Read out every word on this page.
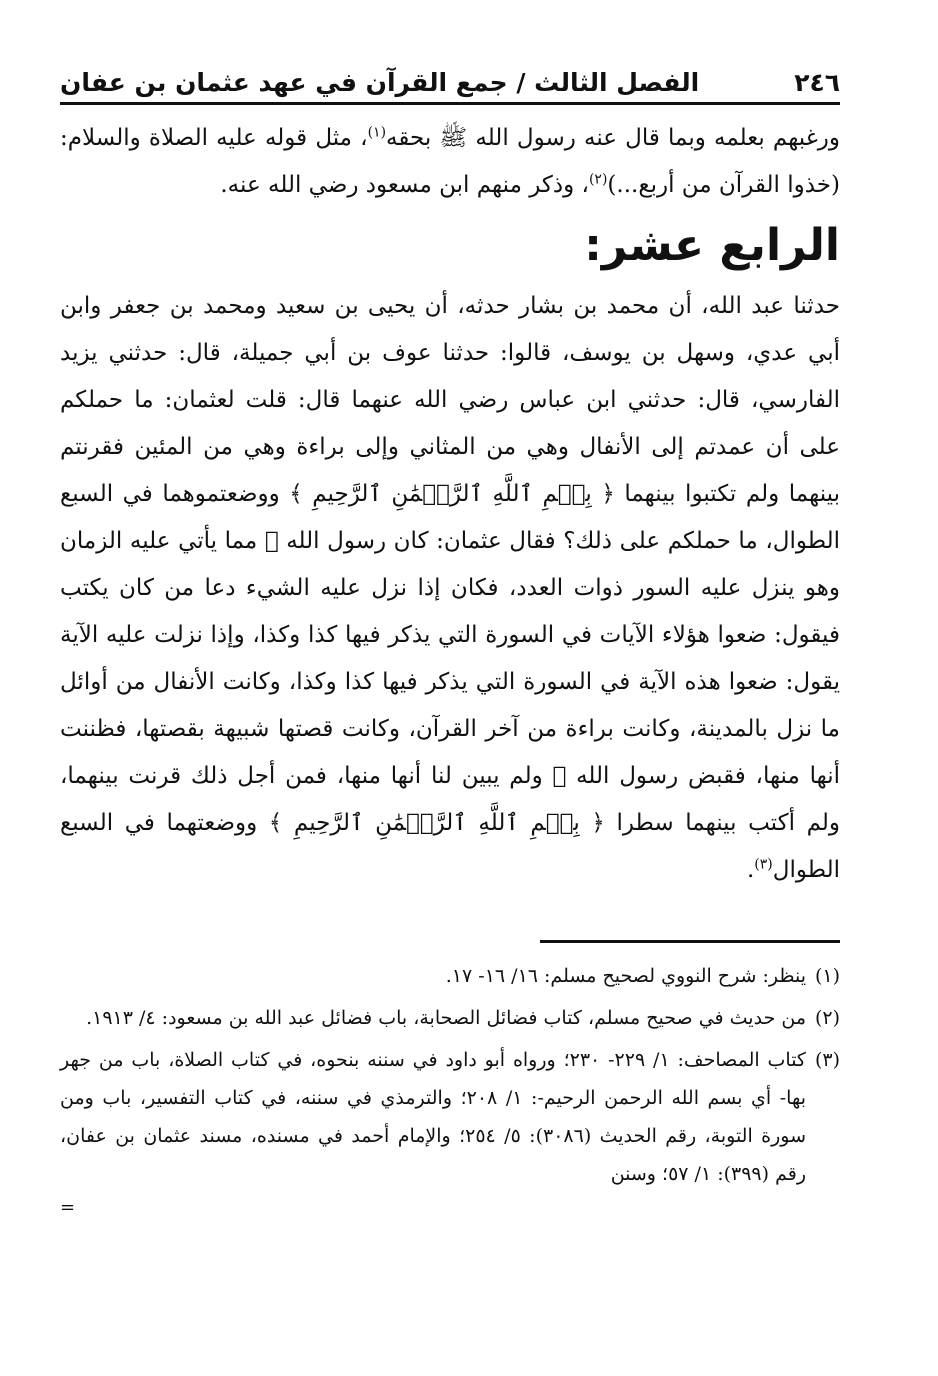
٢٤٦
الفصل الثالث / جمع القرآن في عهد عثمان بن عفان

ورغبهم بعلمه وبما قال عنه رسول الله ﷺ بحقه$^{(١)}$، مثل قوله عليه الصلاة والسلام: (خذوا القرآن من أربع...)$^{(٢)}$، وذكر منهم ابن مسعود رضي الله عنه.

الرابع عشر:

حدثنا عبد الله، أن محمد بن بشار حدثه، أن يحيى بن سعيد ومحمد بن جعفر وابن أبي عدي، وسهل بن يوسف، قالوا: حدثنا عوف بن أبي جميلة، قال: حدثني يزيد الفارسي، قال: حدثني ابن عباس رضي الله عنهما قال: قلت لعثمان: ما حملكم على أن عمدتم إلى الأنفال وهي من المثاني وإلى براءة وهي من المئين فقرنتم بينهما ولم تكتبوا بينهما ﴿ بِسۡمِ ٱللَّهِ ٱلرَّحۡمَٰنِ ٱلرَّحِيمِ ﴾ ووضعتموهما في السبع الطوال، ما حملكم على ذلك؟ فقال عثمان: كان رسول الله ﷺ مما يأتي عليه الزمان وهو ينزل عليه السور ذوات العدد، فكان إذا نزل عليه الشيء دعا من كان يكتب فيقول: ضعوا هؤلاء الآيات في السورة التي يذكر فيها كذا وكذا، وإذا نزلت عليه الآية يقول: ضعوا هذه الآية في السورة التي يذكر فيها كذا وكذا، وكانت الأنفال من أوائل ما نزل بالمدينة، وكانت براءة من آخر القرآن، وكانت قصتها شبيهة بقصتها، فظننت أنها منها، فقبض رسول الله ﷺ ولم يبين لنا أنها منها، فمن أجل ذلك قرنت بينهما، ولم أكتب بينهما سطرا ﴿ بِسۡمِ ٱللَّهِ ٱلرَّحۡمَٰنِ ٱلرَّحِيمِ ﴾ ووضعتهما في السبع الطوال$^{(٣)}$.

(١)
ينظر: شرح النووي لصحيح مسلم: ١٦/ ١٦- ١٧.
(٢)
من حديث في صحيح مسلم، كتاب فضائل الصحابة، باب فضائل عبد الله بن مسعود: ٤/ ١٩١٣.
(٣)
كتاب المصاحف: ١/ ٢٢٩- ٢٣٠؛ ورواه أبو داود في سننه بنحوه، في كتاب الصلاة، باب من جهر بها- أي بسم الله الرحمن الرحيم-: ١/ ٢٠٨؛ والترمذي في سننه، في كتاب التفسير، باب ومن سورة التوبة، رقم الحديث (٣٠٨٦): ٥/ ٢٥٤؛ والإمام أحمد في مسنده، مسند عثمان بن عفان، رقم (٣٩٩): ١/ ٥٧؛ وسنن
=
